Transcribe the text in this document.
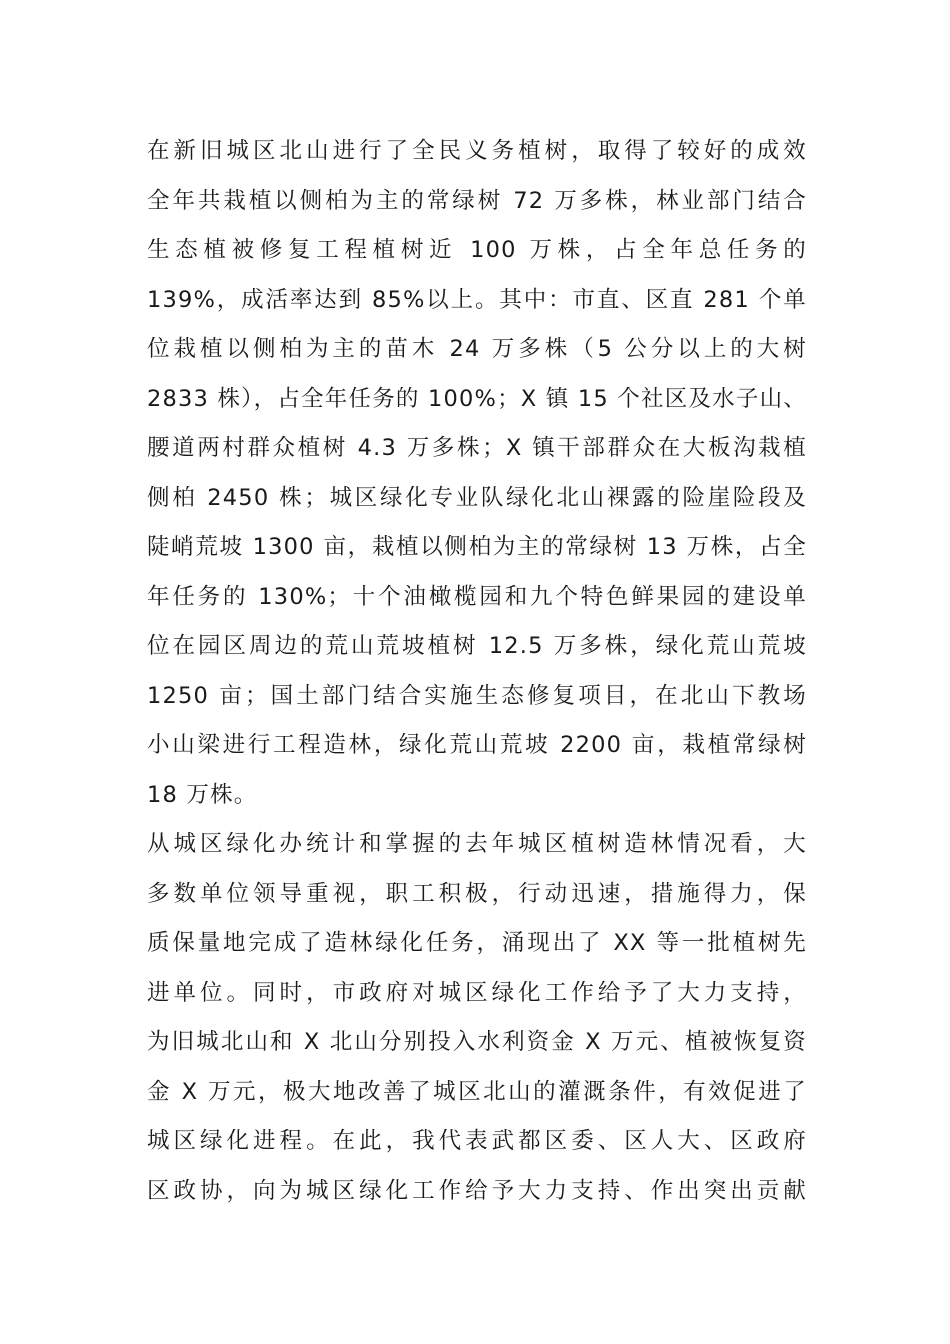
在新旧城区北山进行了全民义务植树，取得了较好的成效
全年共栽植以侧柏为主的常绿树 72 万多株，林业部门结合
生态植被修复工程植树近 100 万株，占全年总任务的
139%，成活率达到 85%以上。其中：市直、区直 281 个单
位栽植以侧柏为主的苗木 24 万多株（5 公分以上的大树
2833 株），占全年任务的 100%；X 镇 15 个社区及水子山、
腰道两村群众植树 4.3 万多株；X 镇干部群众在大板沟栽植
侧柏 2450 株；城区绿化专业队绿化北山裸露的险崖险段及
陡峭荒坡 1300 亩，栽植以侧柏为主的常绿树 13 万株，占全
年任务的 130%；十个油橄榄园和九个特色鲜果园的建设单
位在园区周边的荒山荒坡植树 12.5 万多株，绿化荒山荒坡
1250 亩；国土部门结合实施生态修复项目，在北山下教场
小山梁进行工程造林，绿化荒山荒坡 2200 亩，栽植常绿树
18 万株。
从城区绿化办统计和掌握的去年城区植树造林情况看，大
多数单位领导重视，职工积极，行动迅速，措施得力，保
质保量地完成了造林绿化任务，涌现出了 XX 等一批植树先
进单位。同时，市政府对城区绿化工作给予了大力支持，
为旧城北山和 X 北山分别投入水利资金 X 万元、植被恢复资
金 X 万元，极大地改善了城区北山的灌溉条件，有效促进了
城区绿化进程。在此，我代表武都区委、区人大、区政府
区政协，向为城区绿化工作给予大力支持、作出突出贡献
